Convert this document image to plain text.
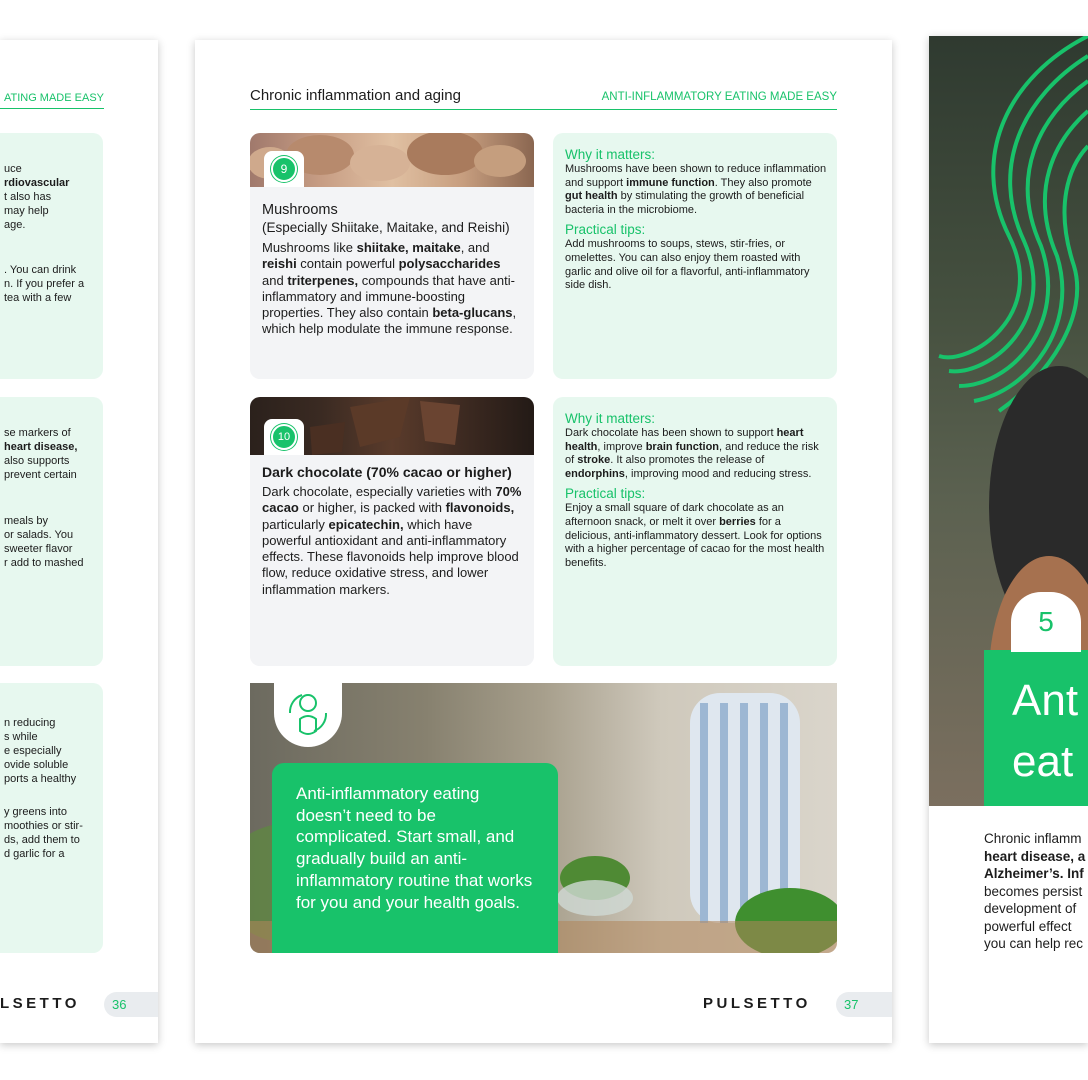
ATING MADE EASY
uce
rdiovascular
t also has
may help
age.
. You can drink
n. If you prefer a
tea with a few
se markers of
heart disease,
also supports
prevent certain
meals by
or salads. You
sweeter flavor
r add to mashed
n reducing
s while
e especially
ovide soluble
ports a healthy
y greens into
moothies or stir-
ds, add them to
d garlic for a
LSETTO	36
Chronic inflammation and aging	ANTI-INFLAMMATORY EATING MADE EASY
9
Mushrooms
(Especially Shiitake, Maitake, and Reishi)
Mushrooms like shiitake, maitake, and reishi contain powerful polysaccharides and triterpenes, compounds that have anti-inflammatory and immune-boosting properties. They also contain beta-glucans, which help modulate the immune response.
Why it matters:

Mushrooms have been shown to reduce inflammation and support immune function. They also promote gut health by stimulating the growth of beneficial bacteria in the microbiome.

Practical tips:

Add mushrooms to soups, stews, stir-fries, or omelettes. You can also enjoy them roasted with garlic and olive oil for a flavorful, anti-inflammatory side dish.

10
Dark chocolate (70% cacao or higher)
Dark chocolate, especially varieties with 70% cacao or higher, is packed with flavonoids, particularly epicatechin, which have powerful antioxidant and anti-inflammatory effects. These flavonoids help improve blood flow, reduce oxidative stress, and lower inflammation markers.
Why it matters:

Dark chocolate has been shown to support heart health, improve brain function, and reduce the risk of stroke. It also promotes the release of endorphins, improving mood and reducing stress.

Practical tips:

Enjoy a small square of dark chocolate as an afternoon snack, or melt it over berries for a delicious, anti-inflammatory dessert. Look for options with a higher percentage of cacao for the most health benefits.

Anti-inflammatory eating doesn’t need to be complicated. Start small, and gradually build an anti-inflammatory routine that works for you and your health goals.
PULSETTO	37
5
Ant
eat
Chronic inflamm
heart disease, a
Alzheimer’s. Inf
becomes persist
development of
powerful effect
you can help rec
